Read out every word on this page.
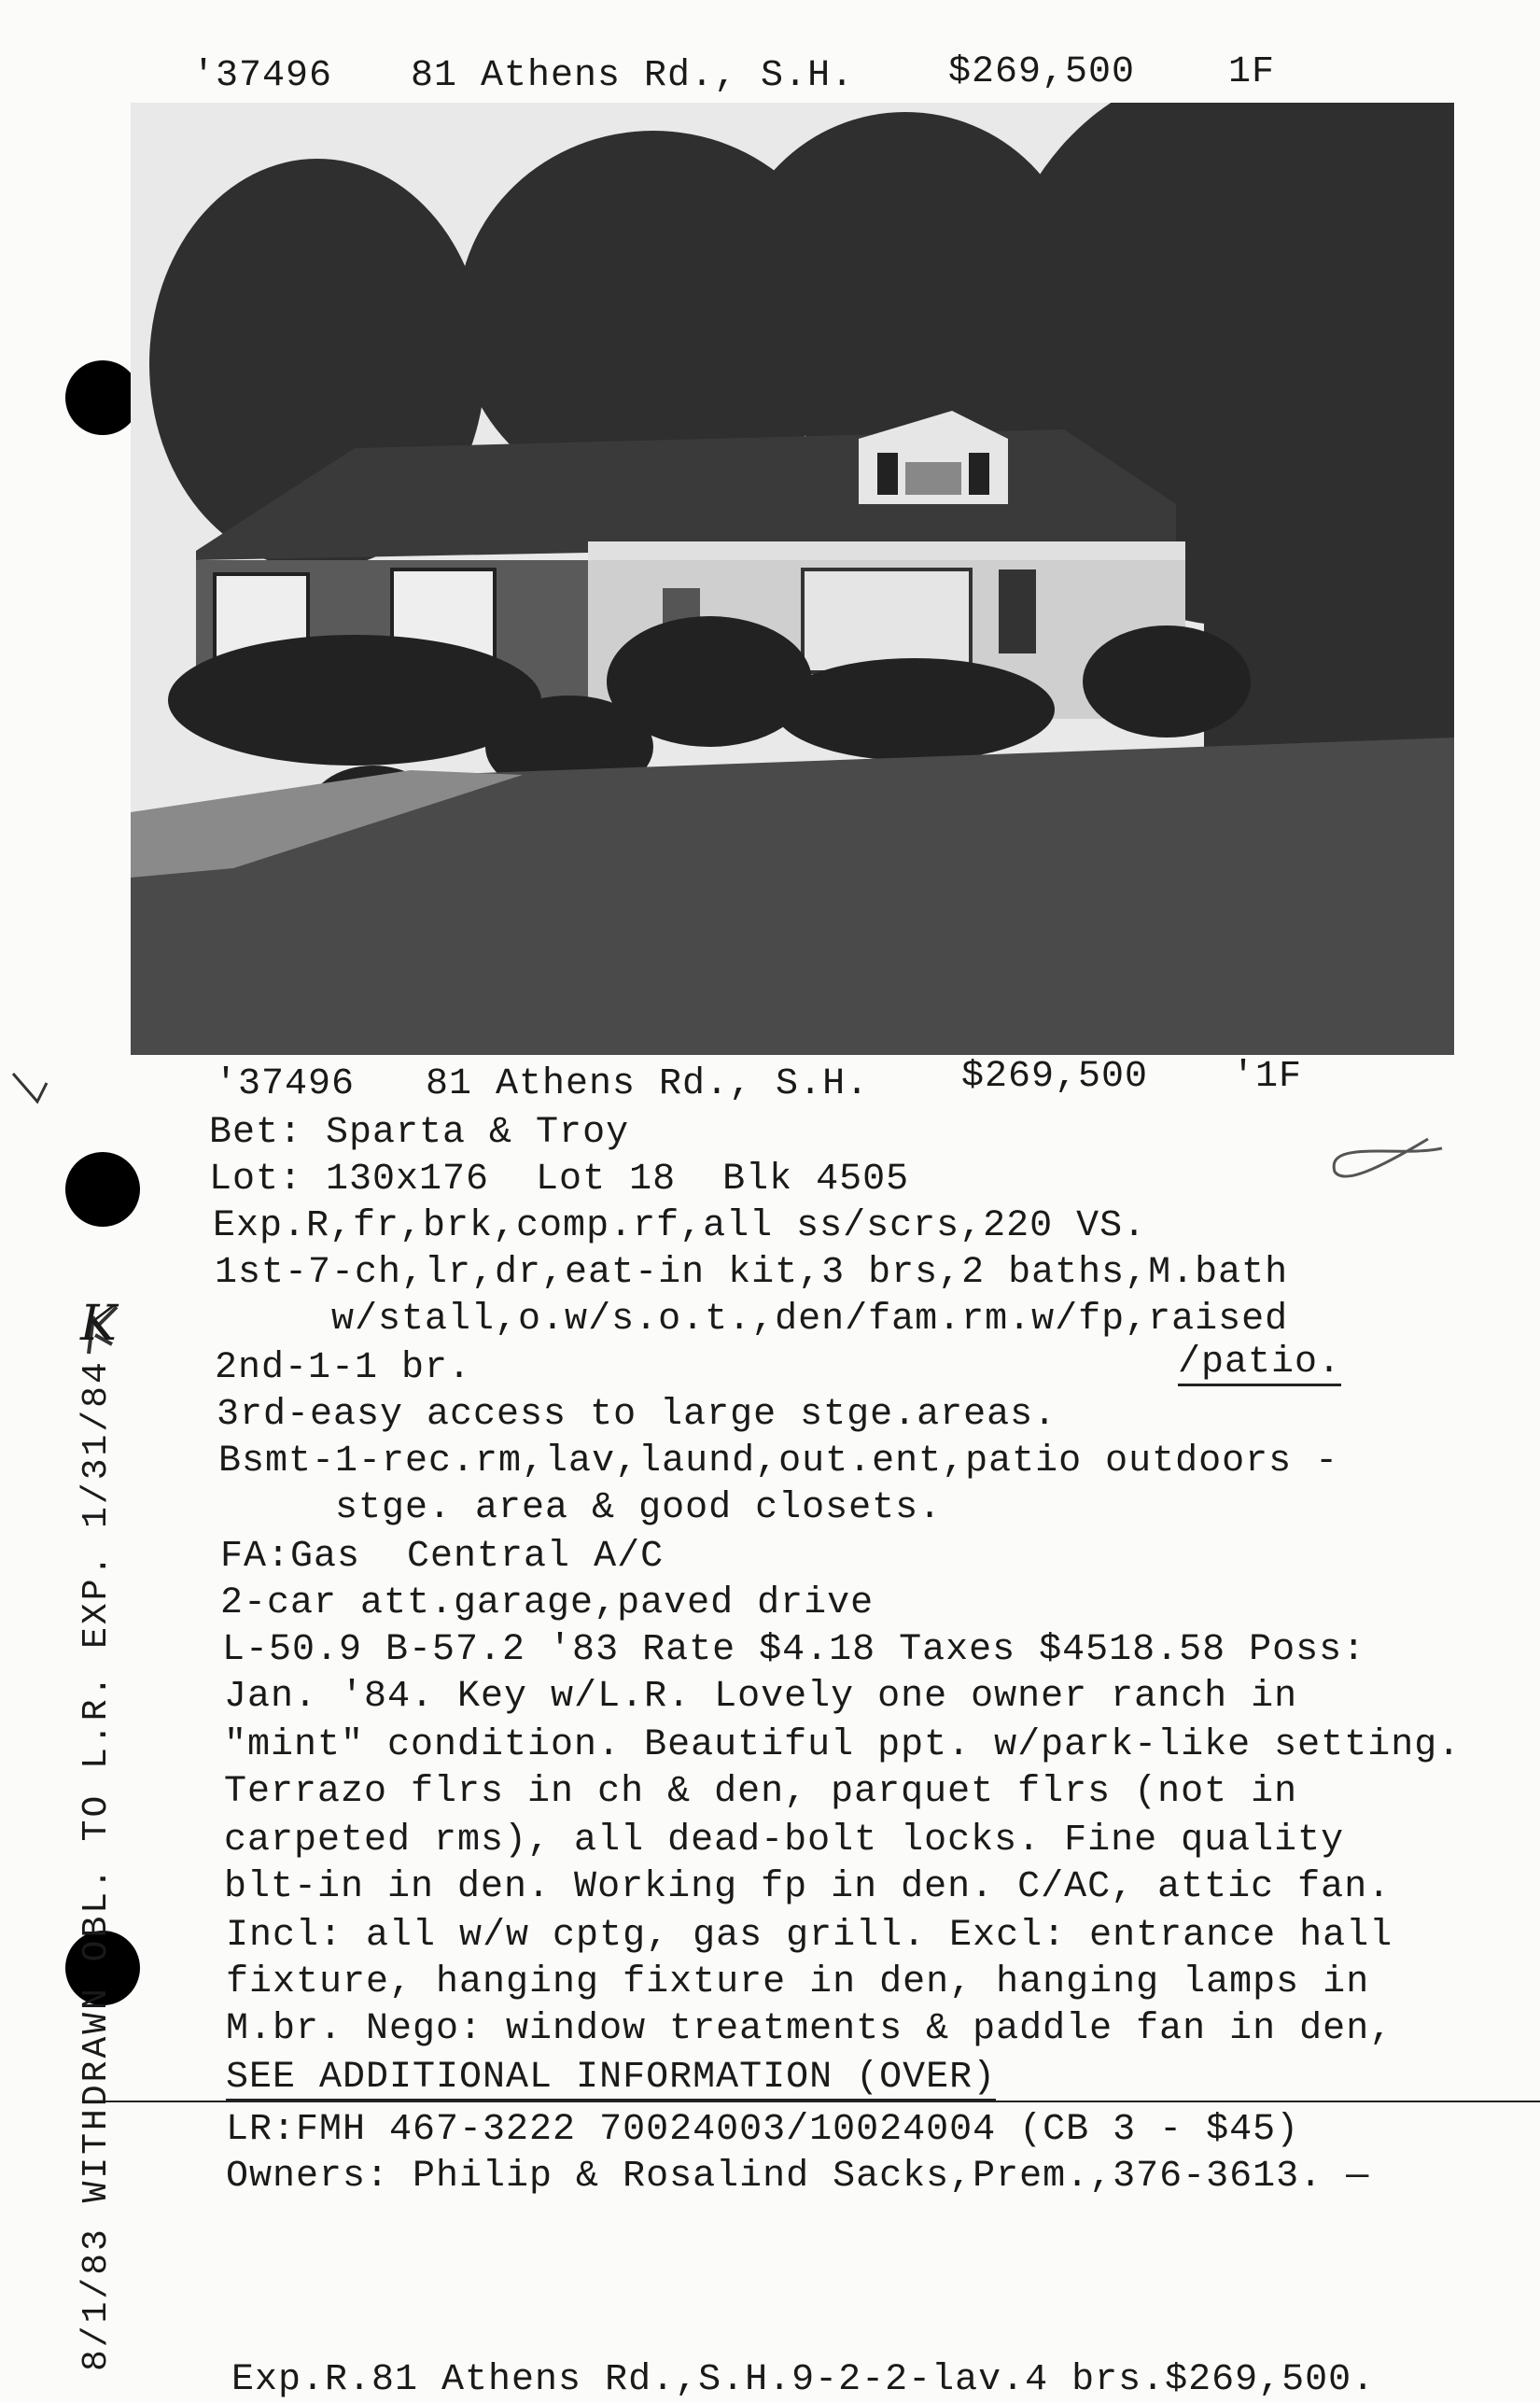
'37496 81 Athens Rd., S.H.	$269,500 1F
'37496 81 Athens Rd., S.H. $269,500 '1F
Bet: Sparta & Troy
Lot: 130x176  Lot 18  Blk 4505
Exp.R,fr,brk,comp.rf,all ss/scrs,220 VS.
1st-7-ch,lr,dr,eat-in kit,3 brs,2 baths,M.bath
w/stall,o.w/s.o.t.,den/fam.rm.w/fp,raised
2nd-1-1 br.	/patio.
3rd-easy access to large stge.areas.
Bsmt-1-rec.rm,lav,laund,out.ent,patio outdoors -
stge. area & good closets.
FA:Gas  Central A/C
2-car att.garage,paved drive
L-50.9 B-57.2 '83 Rate $4.18 Taxes $4518.58 Poss:
Jan. '84. Key w/L.R. Lovely one owner ranch in
"mint" condition. Beautiful ppt. w/park-like setting.
Terrazo flrs in ch & den, parquet flrs (not in
carpeted rms), all dead-bolt locks. Fine quality
blt-in in den. Working fp in den. C/AC, attic fan.
Incl: all w/w cptg, gas grill. Excl: entrance hall
fixture, hanging fixture in den, hanging lamps in
M.br. Nego: window treatments & paddle fan in den,
SEE ADDITIONAL INFORMATION (OVER)
LR:FMH 467-3222 70024003/10024004 (CB 3 - $45)
Owners: Philip & Rosalind Sacks,Prem.,376-3613. —
Exp.R.81 Athens Rd.,S.H.9-2-2-lav.4 brs.$269,500.
8/1/83 WITHDRAWN OBL. TO L.R. EXP. 1/31/84
K
